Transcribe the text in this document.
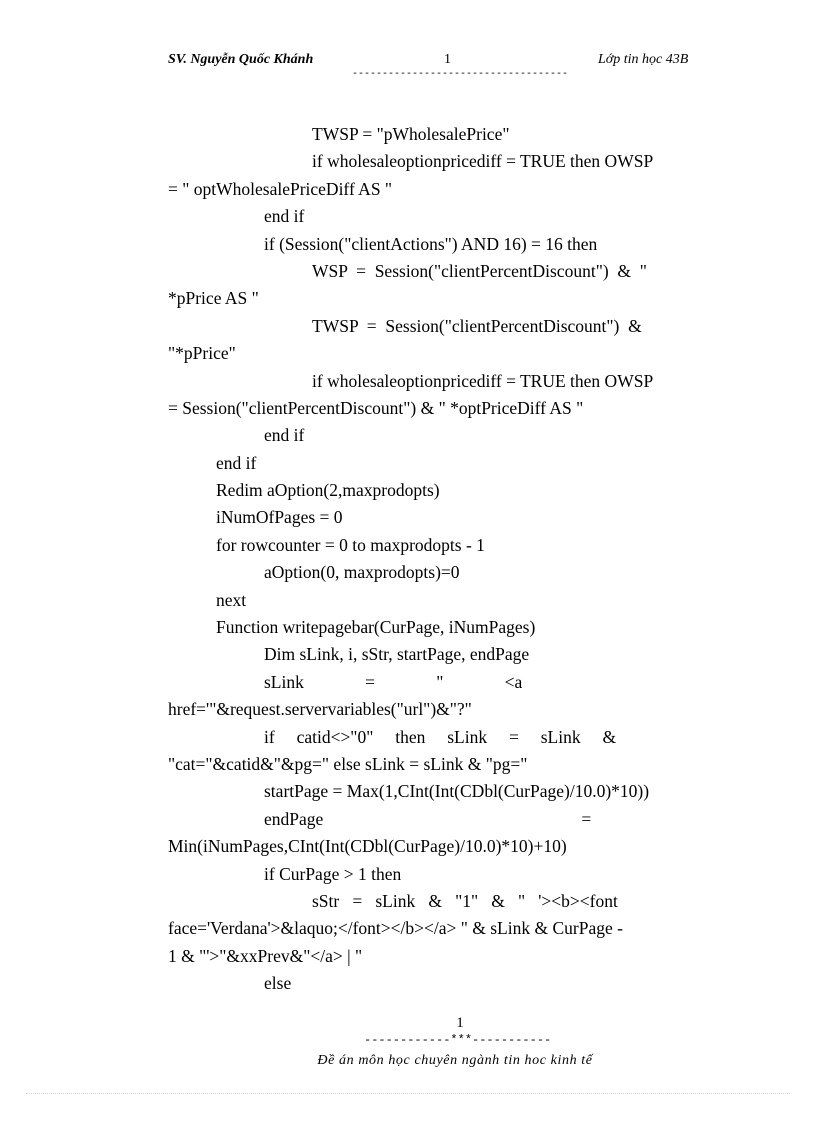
SV. Nguyễn Quốc Khánh	1	Lớp tin học 43B
------------------------------------
TWSP = "pWholesalePrice"
if wholesaleoptionpricediff = TRUE then OWSP
= " optWholesalePriceDiff AS "
end if
if (Session("clientActions") AND 16) = 16 then
WSP  =  Session("clientPercentDiscount")  &  "
*pPrice AS "
TWSP  =  Session("clientPercentDiscount")  &
"*pPrice"
if wholesaleoptionpricediff = TRUE then OWSP
= Session("clientPercentDiscount") & " *optPriceDiff AS "
end if
end if
Redim aOption(2,maxprodopts)
iNumOfPages = 0
for rowcounter = 0 to maxprodopts - 1
aOption(0, maxprodopts)=0
next
Function writepagebar(CurPage, iNumPages)
Dim sLink, i, sStr, startPage, endPage
sLink              =              "              <a
href='"&request.servervariables("url")&"?"
if     catid<>"0"     then     sLink     =     sLink     &
"cat="&catid&"&pg=" else sLink = sLink & "pg="
startPage = Max(1,CInt(Int(CDbl(CurPage)/10.0)*10))
endPage                                                           =
Min(iNumPages,CInt(Int(CDbl(CurPage)/10.0)*10)+10)
if CurPage > 1 then
sStr   =   sLink   &   "1"   &   "   '><b><font
face='Verdana'>&laquo;</font></b></a> " & sLink & CurPage -
1 & "'>"&xxPrev&"</a> | "
else
1
------------***-----------
Đề án môn học chuyên ngành tin hoc kinh tế
